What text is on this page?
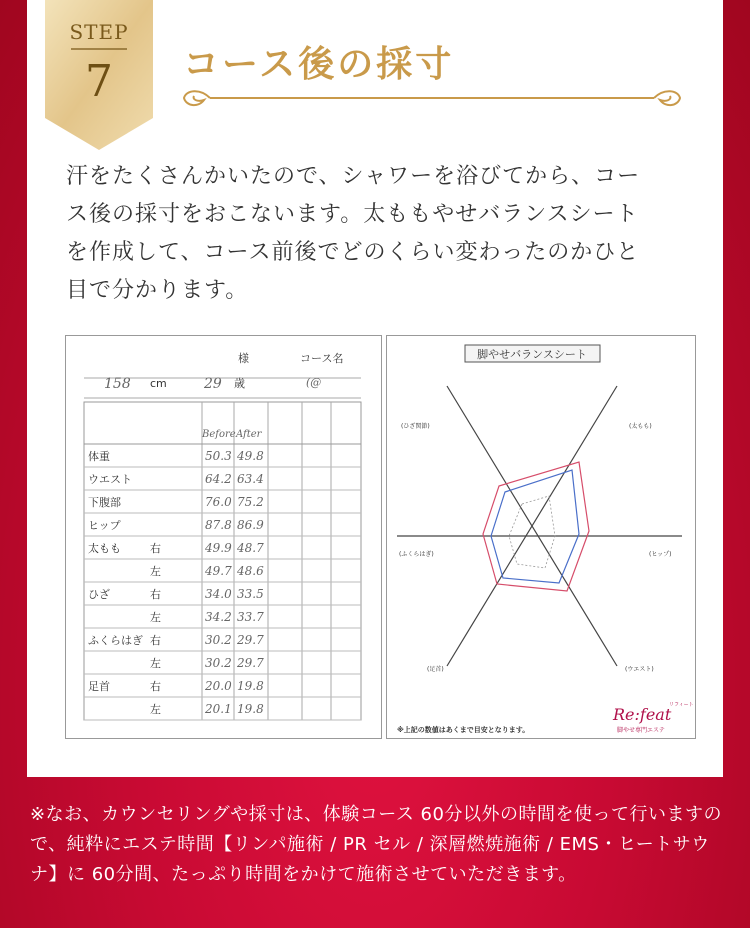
STEP
7	コース後の採寸
汗をたくさんかいたので、シャワーを浴びてから、コー
ス後の採寸をおこないます。太ももやせバランスシート
を作成して、コース前後でどのくらい変わったのかひと
目で分かります。
様	コース名
158 cm	29 歳	(@
Before After
体重	50.3 49.8
ウエスト	64.2 63.4
下腹部	76.0 75.2
ヒップ	87.8 86.9
太もも	右	49.9 48.7
左	49.7 48.6
ひざ	右	34.0 33.5
左	34.2 33.7
ふくらはぎ 右	30.2 29.7
左	30.2 29.7
足首	右	20.0 19.8
左	20.1 19.8
脚やせバランスシート
(ひざ関節)	(太もも)
(ふくらはぎ)	(ヒップ)
(足首)	(ウエスト)
※上記の数値はあくまで目安となります。
Re:feat
リフィート
脚やせ専門エステ
※なお、カウンセリングや採寸は、体験コース 60分以外の時間を使って行いますので、純粋にエステ時間【リンパ施術 / PR セル / 深層燃焼施術 / EMS・ヒートサウナ】に 60分間、たっぷり時間をかけて施術させていただきます。
